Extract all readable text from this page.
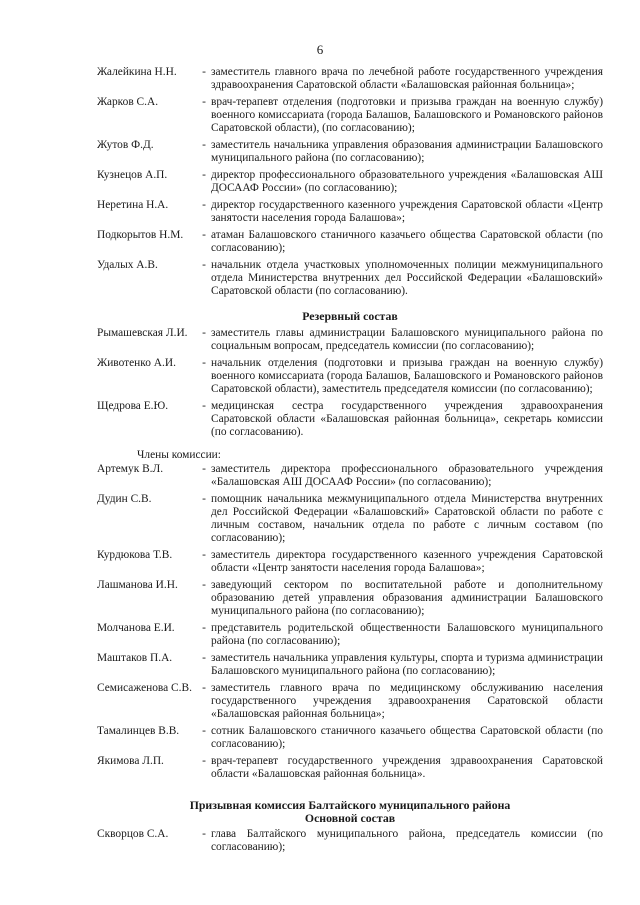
6
Жалейкина Н.Н.	- заместитель главного врача по лечебной работе государственного учреждения здравоохранения Саратовской области «Балашовская районная больница»;
Жарков С.А.	- врач-терапевт отделения (подготовки и призыва граждан на военную службу) военного комиссариата (города Балашов, Балашовского и Романовского районов Саратовской области), (по согласованию);
Жутов Ф.Д.	- заместитель начальника управления образования администрации Балашовского муниципального района (по согласованию);
Кузнецов А.П.	- директор профессионального образовательного учреждения «Балашовская АШ ДОСААФ России» (по согласованию);
Неретина Н.А.	- директор государственного казенного учреждения Саратовской области «Центр занятости населения города Балашова»;
Подкорытов Н.М.	- атаман Балашовского станичного казачьего общества Саратовской области (по согласованию);
Удалых А.В.	- начальник отдела участковых уполномоченных полиции межмуниципального отдела Министерства внутренних дел Российской Федерации «Балашовский» Саратовской области (по согласованию).
Резервный состав
Рымашевская Л.И.	- заместитель главы администрации Балашовского муниципального района по социальным вопросам, председатель комиссии (по согласованию);
Животенко А.И.	- начальник отделения (подготовки и призыва граждан на военную службу) военного комиссариата (города Балашов, Балашовского и Романовского районов Саратовской области), заместитель председателя комиссии (по согласованию);
Щедрова Е.Ю.	- медицинская сестра государственного учреждения здравоохранения Саратовской области «Балашовская районная больница», секретарь комиссии (по согласованию).
Члены комиссии:
Артемук В.Л.	- заместитель директора профессионального образовательного учреждения «Балашовская АШ ДОСААФ России» (по согласованию);
Дудин С.В.	- помощник начальника межмуниципального отдела Министерства внутренних дел Российской Федерации «Балашовский» Саратовской области по работе с личным составом, начальник отдела по работе с личным составом (по согласованию);
Курдюкова Т.В.	- заместитель директора государственного казенного учреждения Саратовской области «Центр занятости населения города Балашова»;
Лашманова И.Н.	- заведующий сектором по воспитательной работе и дополнительному образованию детей управления образования администрации Балашовского муниципального района (по согласованию);
Молчанова Е.И.	- представитель родительской общественности Балашовского муниципального района (по согласованию);
Маштаков П.А.	- заместитель начальника управления культуры, спорта и туризма администрации Балашовского муниципального района (по согласованию);
Семисаженова С.В. - заместитель главного врача по медицинскому обслуживанию населения государственного учреждения здравоохранения Саратовской области «Балашовская районная больница»;
Тамалинцев В.В.	- сотник Балашовского станичного казачьего общества Саратовской области (по согласованию);
Якимова Л.П.	- врач-терапевт государственного учреждения здравоохранения Саратовской области «Балашовская районная больница».
Призывная комиссия Балтайского муниципального района
Основной состав
Скворцов С.А.	- глава Балтайского муниципального района, председатель комиссии (по согласованию);
